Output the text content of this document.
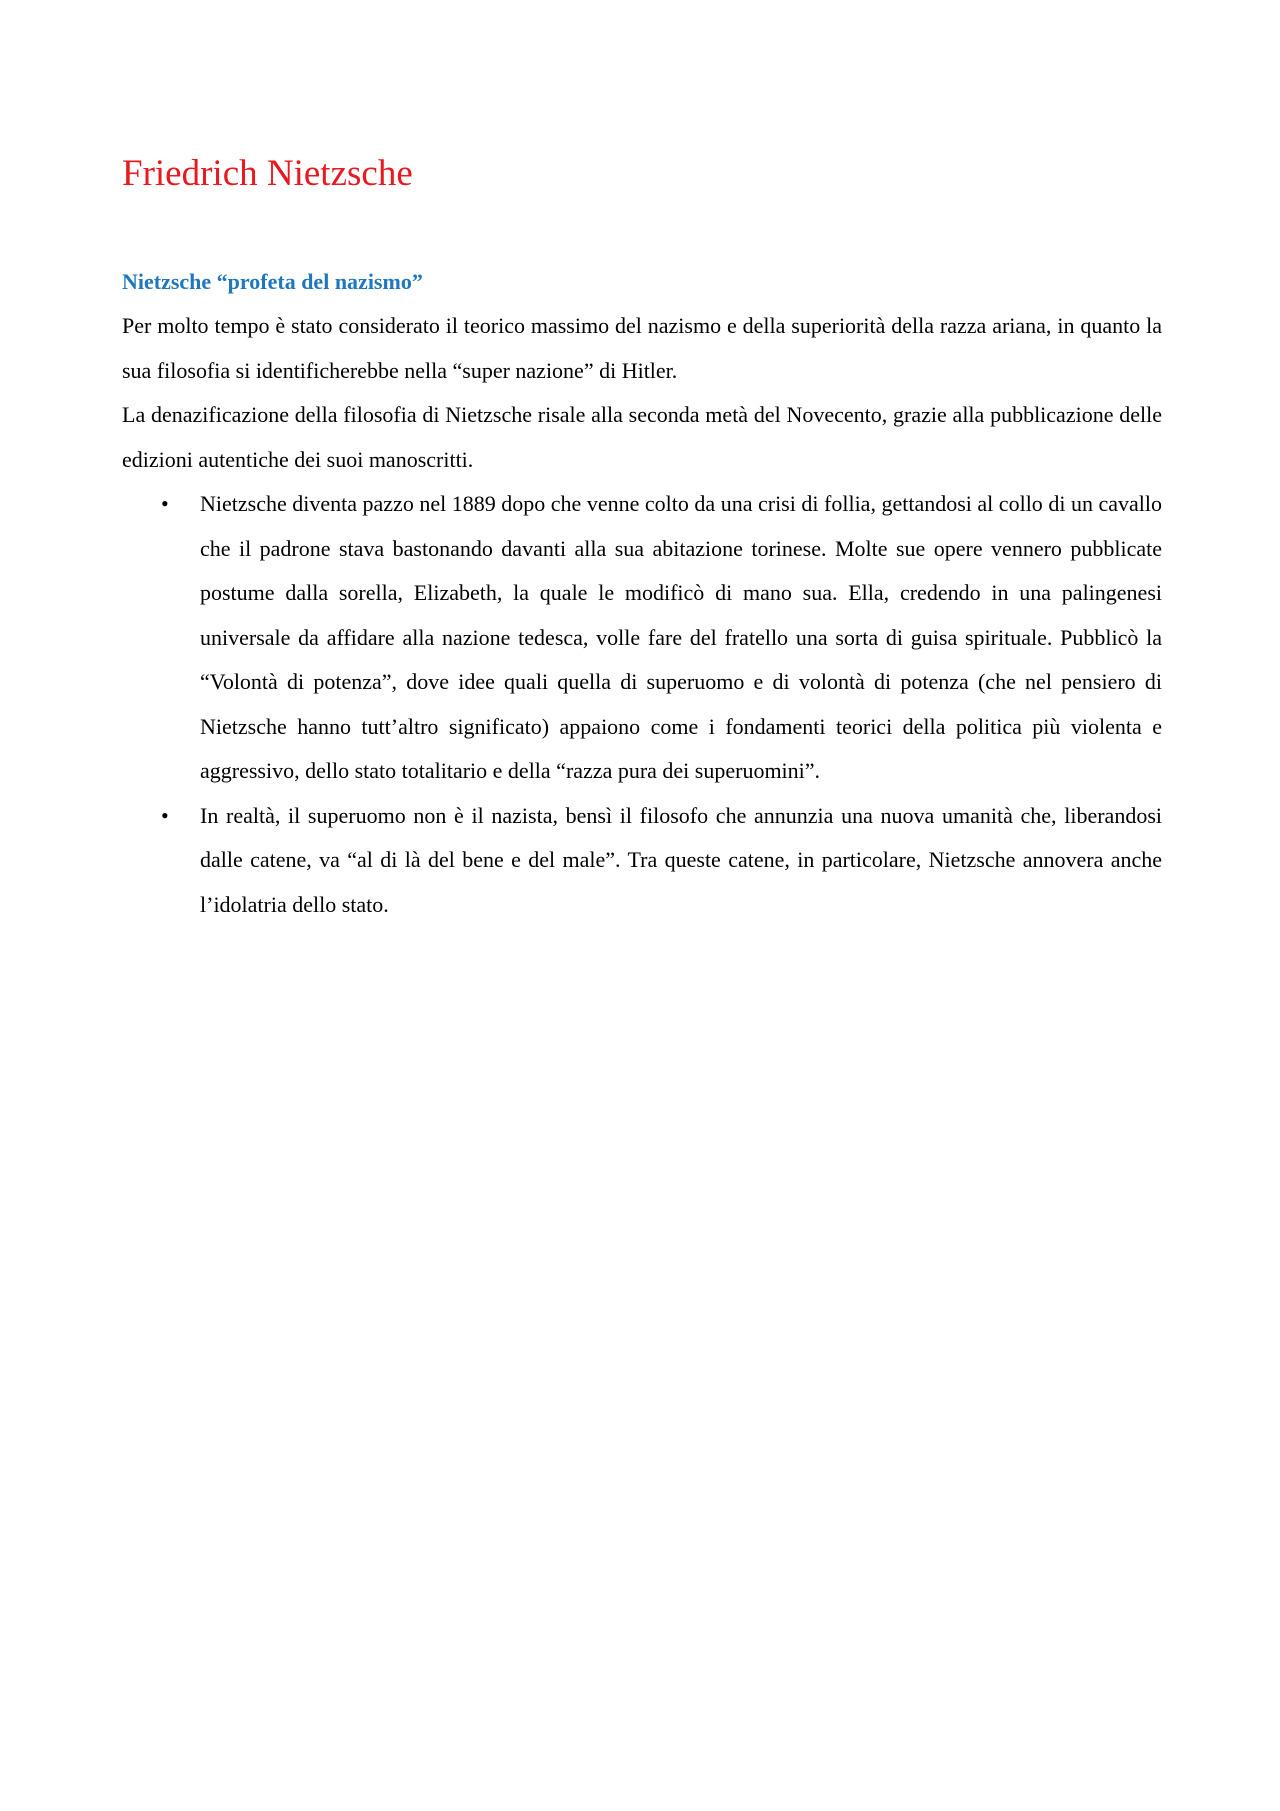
Friedrich Nietzsche
Nietzsche “profeta del nazismo”

Per molto tempo è stato considerato il teorico massimo del nazismo e della superiorità della razza ariana, in quanto la sua filosofia si identificherebbe nella “super nazione” di Hitler.

La denazificazione della filosofia di Nietzsche risale alla seconda metà del Novecento, grazie alla pubblicazione delle edizioni autentiche dei suoi manoscritti.

•	Nietzsche diventa pazzo nel 1889 dopo che venne colto da una crisi di follia, gettandosi al collo di un cavallo che il padrone stava bastonando davanti alla sua abitazione torinese. Molte sue opere vennero pubblicate postume dalla sorella, Elizabeth, la quale le modificò di mano sua. Ella, credendo in una palingenesi universale da affidare alla nazione tedesca, volle fare del fratello una sorta di guisa spirituale. Pubblicò la “Volontà di potenza”, dove idee quali quella di superuomo e di volontà di potenza (che nel pensiero di Nietzsche hanno tutt’altro significato) appaiono come i fondamenti teorici della politica più violenta e aggressivo, dello stato totalitario e della “razza pura dei superuomini”.
•	In realtà, il superuomo non è il nazista, bensì il filosofo che annunzia una nuova umanità che, liberandosi dalle catene, va “al di là del bene e del male”. Tra queste catene, in particolare, Nietzsche annovera anche l’idolatria dello stato.
